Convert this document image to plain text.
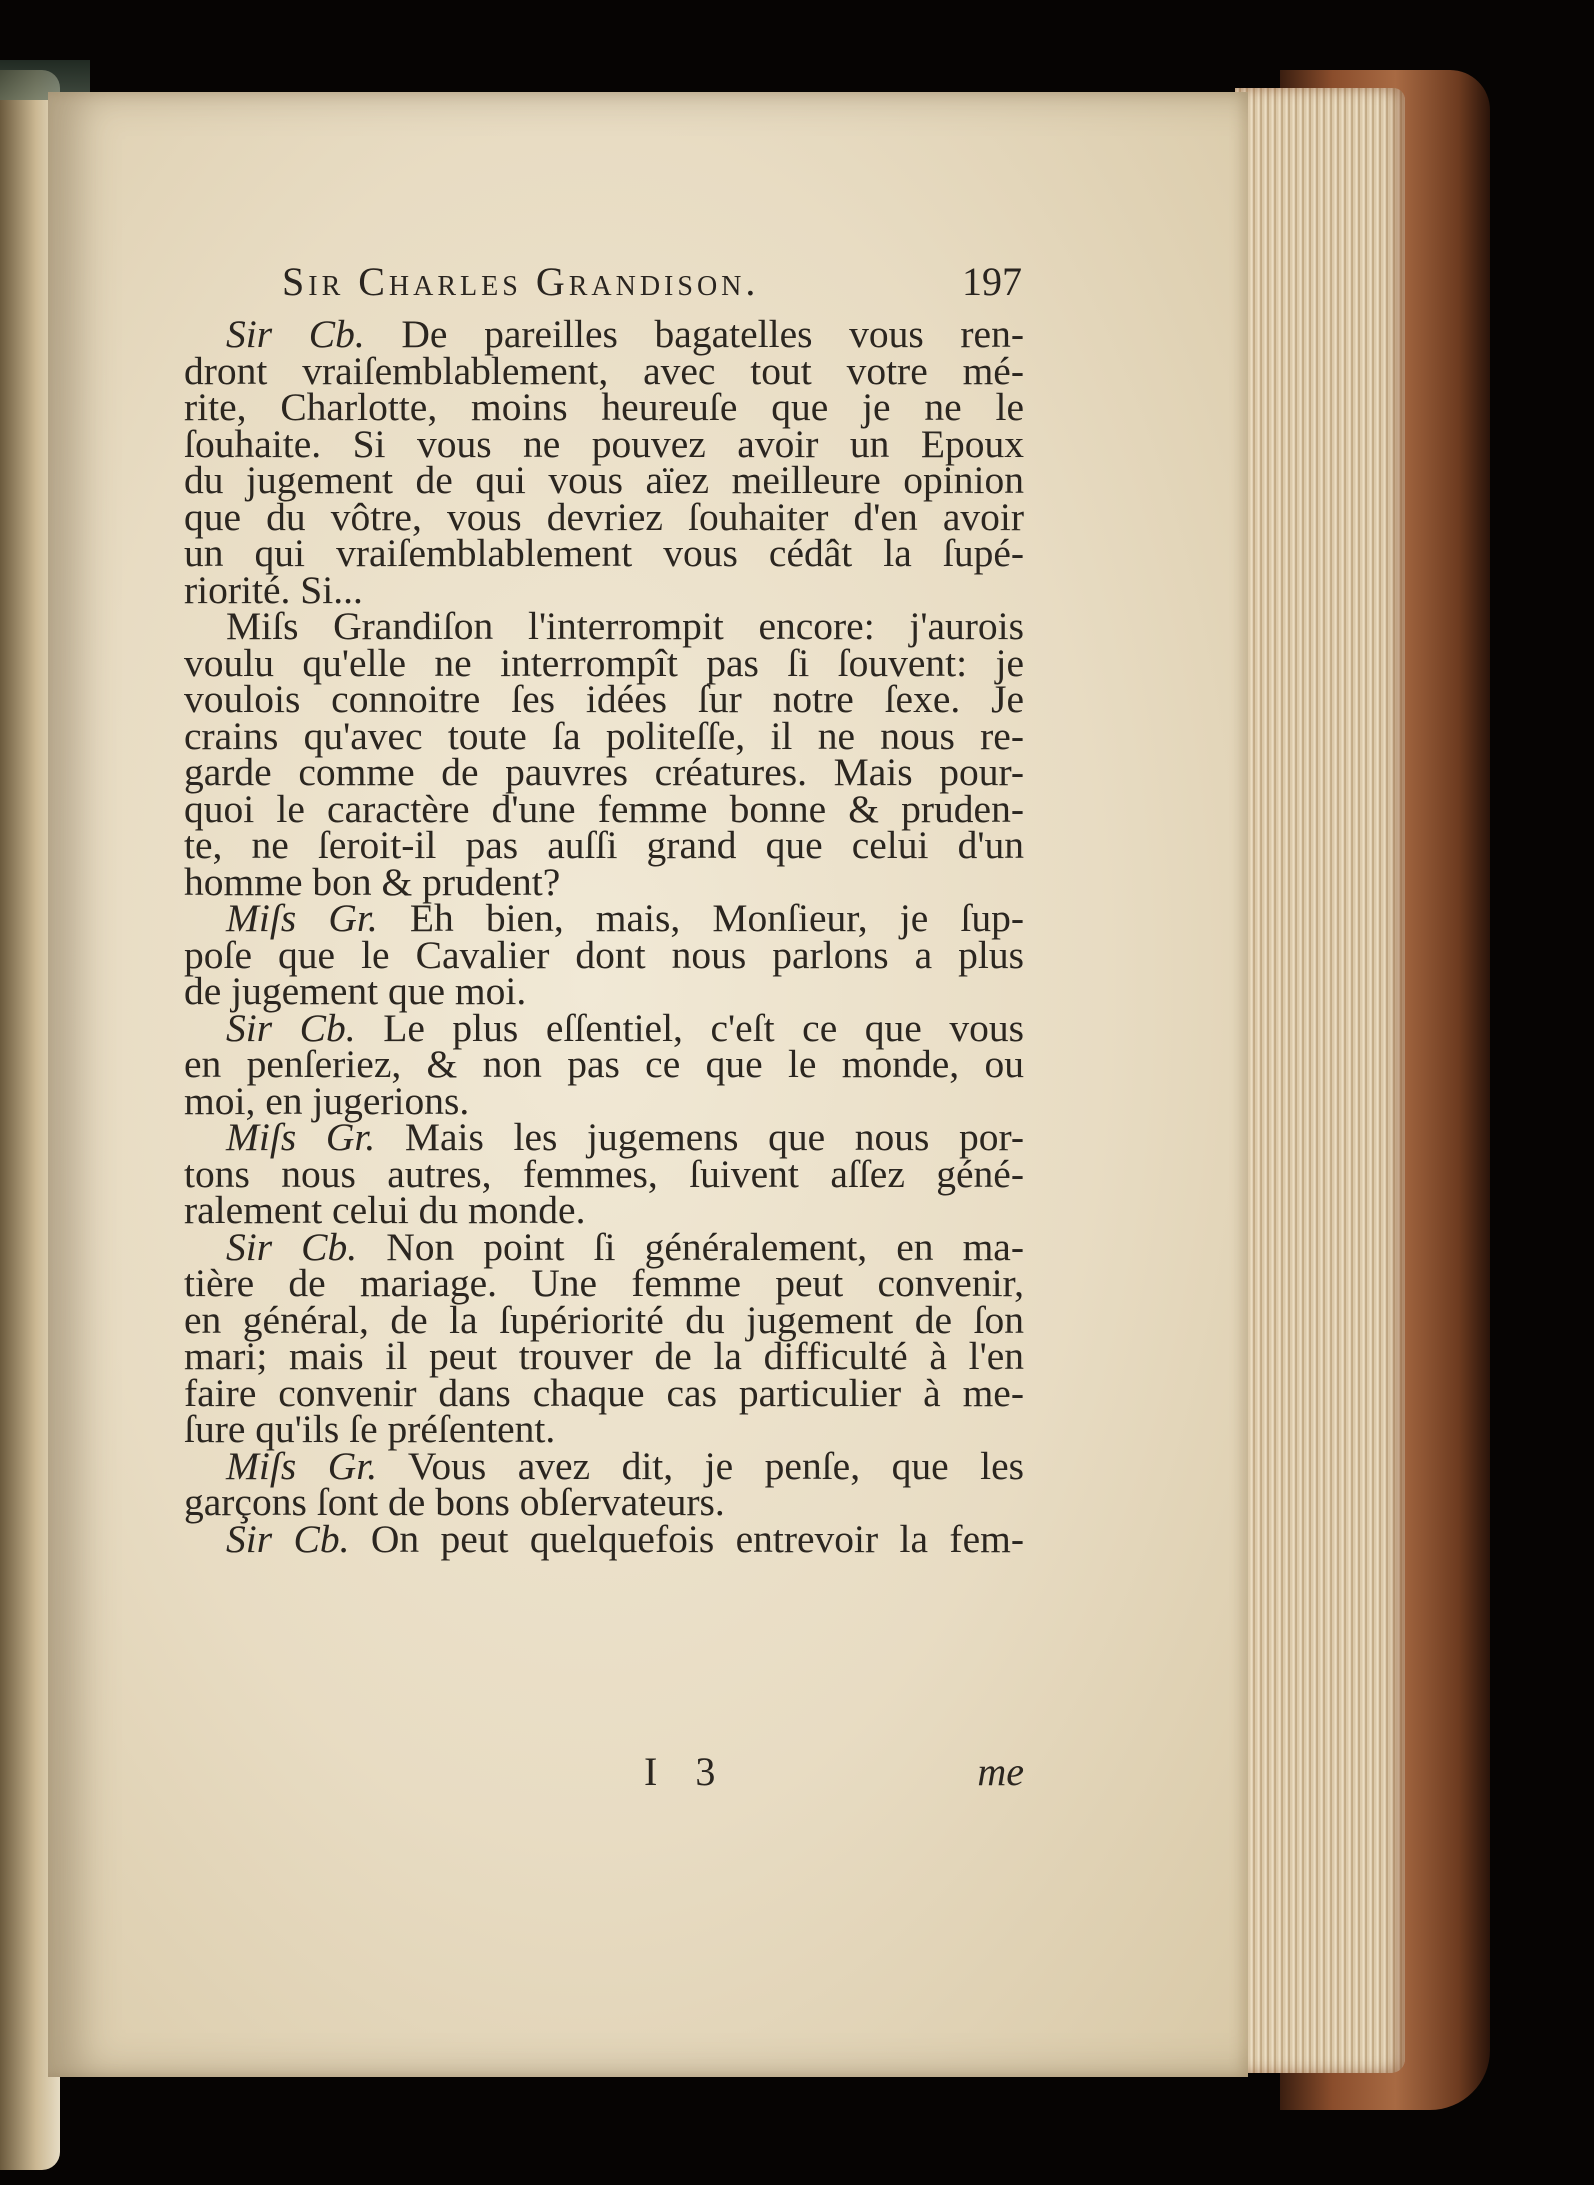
Sir Charles Grandison.	197
Sir Cb. De pareilles bagatelles vous ren-
dront vraiſemblablement, avec tout votre mé-
rite, Charlotte, moins heureuſe que je ne le
ſouhaite. Si vous ne pouvez avoir un Epoux
du jugement de qui vous aïez meilleure opinion
que du vôtre, vous devriez ſouhaiter d'en avoir
un qui vraiſemblablement vous cédât la ſupé-
riorité. Si...
Miſs Grandiſon l'interrompit encore: j'aurois
voulu qu'elle ne interrompît pas ſi ſouvent: je
voulois connoitre ſes idées ſur notre ſexe. Je
crains qu'avec toute ſa politeſſe, il ne nous re-
garde comme de pauvres créatures. Mais pour-
quoi le caractère d'une femme bonne & pruden-
te, ne ſeroit-il pas auſſi grand que celui d'un
homme bon & prudent?
Miſs Gr. Eh bien, mais, Monſieur, je ſup-
poſe que le Cavalier dont nous parlons a plus
de jugement que moi.
Sir Cb. Le plus eſſentiel, c'eſt ce que vous
en penſeriez, & non pas ce que le monde, ou
moi, en jugerions.
Miſs Gr. Mais les jugemens que nous por-
tons nous autres, femmes, ſuivent aſſez géné-
ralement celui du monde.
Sir Cb. Non point ſi généralement, en ma-
tière de mariage. Une femme peut convenir,
en général, de la ſupériorité du jugement de ſon
mari; mais il peut trouver de la difficulté à l'en
faire convenir dans chaque cas particulier à me-
ſure qu'ils ſe préſentent.
Miſs Gr. Vous avez dit, je penſe, que les
garçons ſont de bons obſervateurs.
Sir Cb. On peut quelquefois entrevoir la fem-
I 3	me
